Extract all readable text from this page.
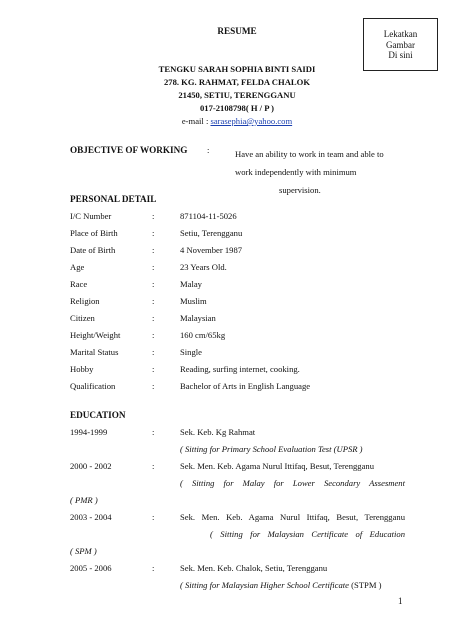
RESUME	Lekatkan
Gambar
Di sini
TENGKU SARAH SOPHIA BINTI SAIDI
278. KG. RAHMAT, FELDA CHALOK
21450, SETIU, TERENGGANU
017-2108798( H / P )
e-mail : sarasephia@yahoo.com
OBJECTIVE OF WORKING :	Have an ability to work in team and able to
work independently with minimum
supervision.
PERSONAL DETAIL
I/C Number	:	871104-11-5026
Place of Birth	:	Setiu, Terengganu
Date of Birth	:	4 November 1987
Age	:	23 Years Old.
Race	:	Malay
Religion	:	Muslim
Citizen	:	Malaysian
Height/Weight	:	160 cm/65kg
Marital Status	:	Single
Hobby	:	Reading, surfing internet, cooking.
Qualification	:	Bachelor of Arts in English Language
EDUCATION
1994-1999	:	Sek. Keb. Kg Rahmat
( Sitting for Primary School Evaluation Test (UPSR )
2000 - 2002	:	Sek. Men. Keb. Agama Nurul Ittifaq, Besut, Terengganu
( Sitting for Malay for Lower Secondary Assesment
( PMR )
2003 - 2004	:	Sek. Men. Keb. Agama Nurul Ittifaq, Besut, Terengganu
( Sitting for Malaysian Certificate of Education
( SPM )
2005 - 2006	:	Sek. Men. Keb. Chalok, Setiu, Terengganu
( Sitting for Malaysian Higher School Certificate (STPM )
1
